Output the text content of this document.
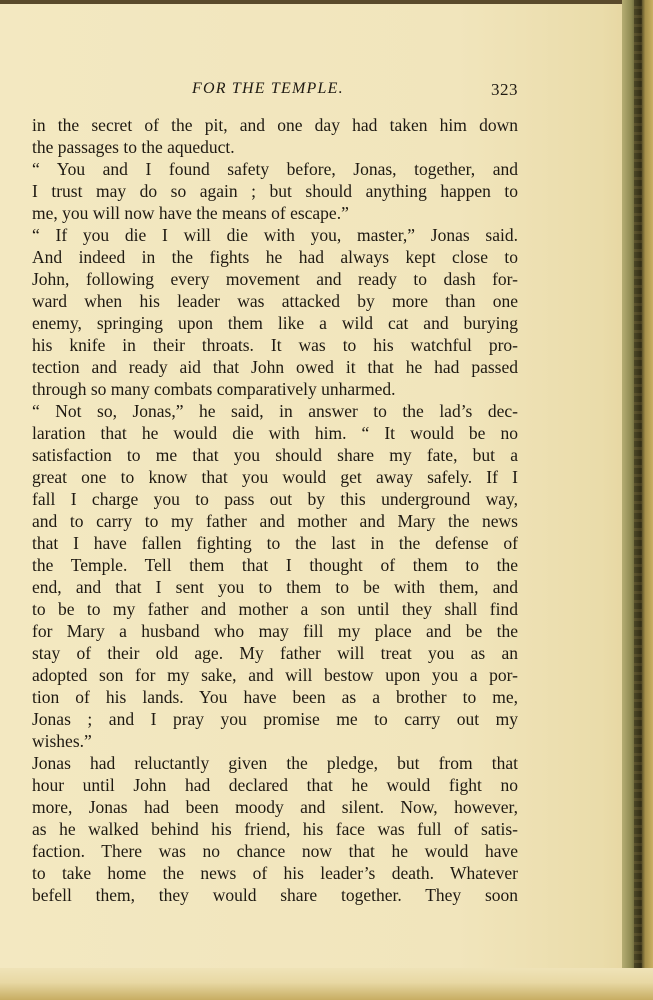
FOR THE TEMPLE.	323
in the secret of the pit, and one day had taken him down
the passages to the aqueduct.
“ You and I found safety before, Jonas, together, and
I trust may do so again ; but should anything happen to
me, you will now have the means of escape.”
“ If you die I will die with you, master,” Jonas said.
And indeed in the fights he had always kept close to
John, following every movement and ready to dash for-
ward when his leader was attacked by more than one
enemy, springing upon them like a wild cat and burying
his knife in their throats. It was to his watchful pro-
tection and ready aid that John owed it that he had passed
through so many combats comparatively unharmed.
“ Not so, Jonas,” he said, in answer to the lad’s dec-
laration that he would die with him. “ It would be no
satisfaction to me that you should share my fate, but a
great one to know that you would get away safely. If I
fall I charge you to pass out by this underground way,
and to carry to my father and mother and Mary the news
that I have fallen fighting to the last in the defense of
the Temple. Tell them that I thought of them to the
end, and that I sent you to them to be with them, and
to be to my father and mother a son until they shall find
for Mary a husband who may fill my place and be the
stay of their old age. My father will treat you as an
adopted son for my sake, and will bestow upon you a por-
tion of his lands. You have been as a brother to me,
Jonas ; and I pray you promise me to carry out my
wishes.”
Jonas had reluctantly given the pledge, but from that
hour until John had declared that he would fight no
more, Jonas had been moody and silent. Now, however,
as he walked behind his friend, his face was full of satis-
faction. There was no chance now that he would have
to take home the news of his leader’s death. Whatever
befell them, they would share together. They soon
